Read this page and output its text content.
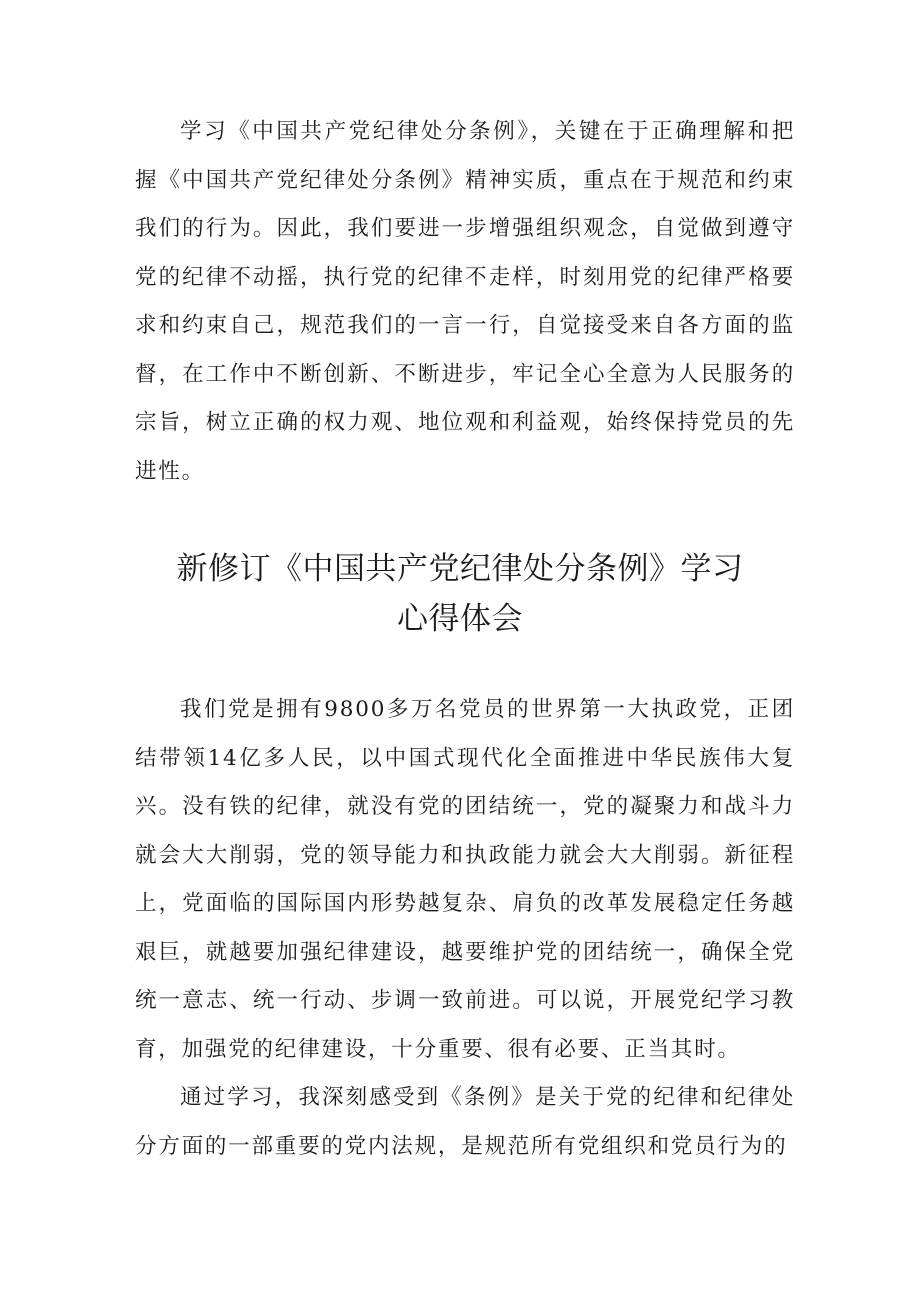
学习《中国共产党纪律处分条例》，关键在于正确理解和把握《中国共产党纪律处分条例》精神实质，重点在于规范和约束我们的行为。因此，我们要进一步增强组织观念，自觉做到遵守党的纪律不动摇，执行党的纪律不走样，时刻用党的纪律严格要求和约束自己，规范我们的一言一行，自觉接受来自各方面的监督，在工作中不断创新、不断进步，牢记全心全意为人民服务的宗旨，树立正确的权力观、地位观和利益观，始终保持党员的先进性。

新修订《中国共产党纪律处分条例》学习
心得体会

我们党是拥有9800多万名党员的世界第一大执政党，正团结带领14亿多人民，以中国式现代化全面推进中华民族伟大复兴。没有铁的纪律，就没有党的团结统一，党的凝聚力和战斗力就会大大削弱，党的领导能力和执政能力就会大大削弱。新征程上，党面临的国际国内形势越复杂、肩负的改革发展稳定任务越艰巨，就越要加强纪律建设，越要维护党的团结统一，确保全党统一意志、统一行动、步调一致前进。可以说，开展党纪学习教育，加强党的纪律建设，十分重要、很有必要、正当其时。

通过学习，我深刻感受到《条例》是关于党的纪律和纪律处分方面的一部重要的党内法规，是规范所有党组织和党员行为的
